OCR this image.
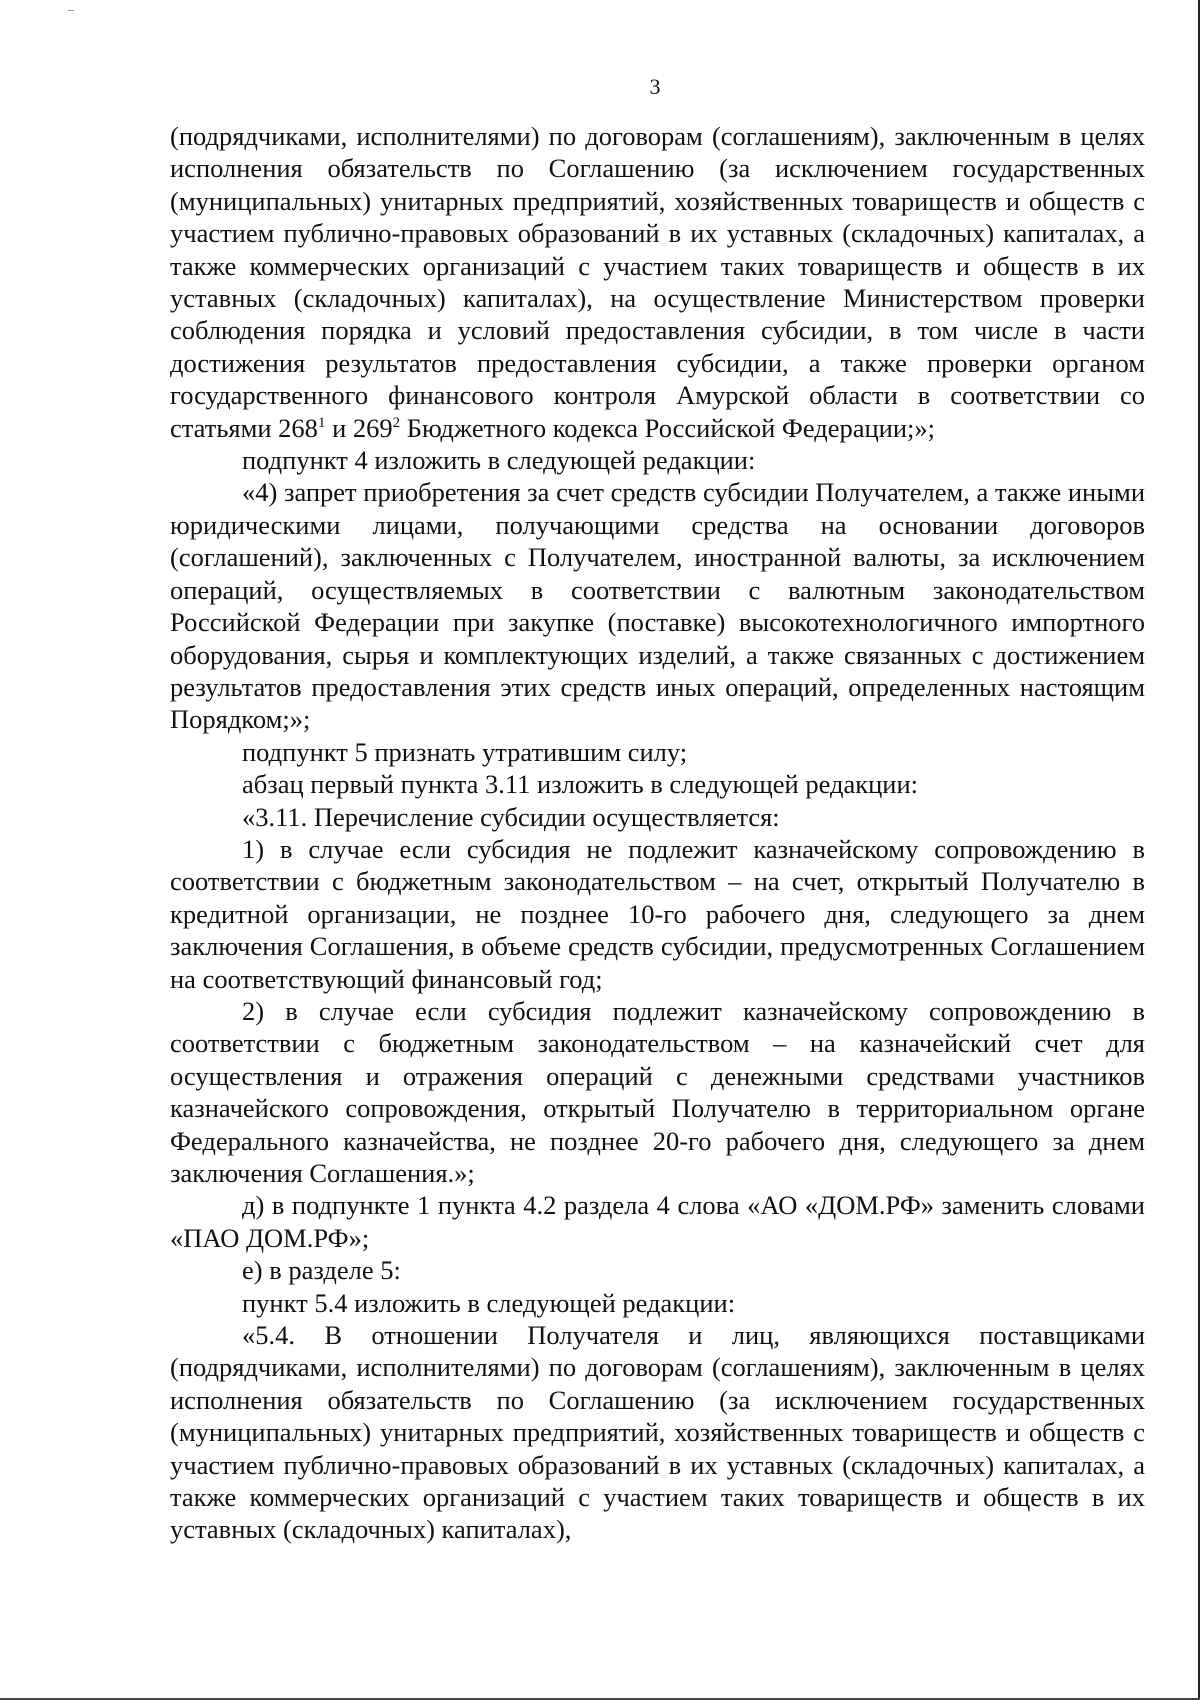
3

(подрядчиками, исполнителями) по договорам (соглашениям), заключенным в целях исполнения обязательств по Соглашению (за исключением государственных (муниципальных) унитарных предприятий, хозяйственных товариществ и обществ с участием публично-правовых образований в их уставных (складочных) капиталах, а также коммерческих организаций с участием таких товариществ и обществ в их уставных (складочных) капиталах), на осуществление Министерством проверки соблюдения порядка и условий предоставления субсидии, в том числе в части достижения результатов предоставления субсидии, а также проверки органом государственного финансового контроля Амурской области в соответствии со статьями $268^1$ и $269^2$ Бюджетного кодекса Российской Федерации;»;

подпункт 4 изложить в следующей редакции:

«4) запрет приобретения за счет средств субсидии Получателем, а также иными юридическими лицами, получающими средства на основании договоров (соглашений), заключенных с Получателем, иностранной валюты, за исключением операций, осуществляемых в соответствии с валютным законодательством Российской Федерации при закупке (поставке) высокотехнологичного импортного оборудования, сырья и комплектующих изделий, а также связанных с достижением результатов предоставления этих средств иных операций, определенных настоящим Порядком;»;

подпункт 5 признать утратившим силу;

абзац первый пункта 3.11 изложить в следующей редакции:

«3.11. Перечисление субсидии осуществляется:

1) в случае если субсидия не подлежит казначейскому сопровождению в соответствии с бюджетным законодательством – на счет, открытый Получателю в кредитной организации, не позднее 10-го рабочего дня, следующего за днем заключения Соглашения, в объеме средств субсидии, предусмотренных Соглашением на соответствующий финансовый год;

2) в случае если субсидия подлежит казначейскому сопровождению в соответствии с бюджетным законодательством – на казначейский счет для осуществления и отражения операций с денежными средствами участников казначейского сопровождения, открытый Получателю в территориальном органе Федерального казначейства, не позднее 20-го рабочего дня, следующего за днем заключения Соглашения.»;

д) в подпункте 1 пункта 4.2 раздела 4 слова «АО «ДОМ.РФ» заменить словами «ПАО ДОМ.РФ»;

е) в разделе 5:

пункт 5.4 изложить в следующей редакции:

«5.4. В отношении Получателя и лиц, являющихся поставщиками (подрядчиками, исполнителями) по договорам (соглашениям), заключенным в целях исполнения обязательств по Соглашению (за исключением государственных (муниципальных) унитарных предприятий, хозяйственных товариществ и обществ с участием публично-правовых образований в их уставных (складочных) капиталах, а также коммерческих организаций с участием таких товариществ и обществ в их уставных (складочных) капиталах),
